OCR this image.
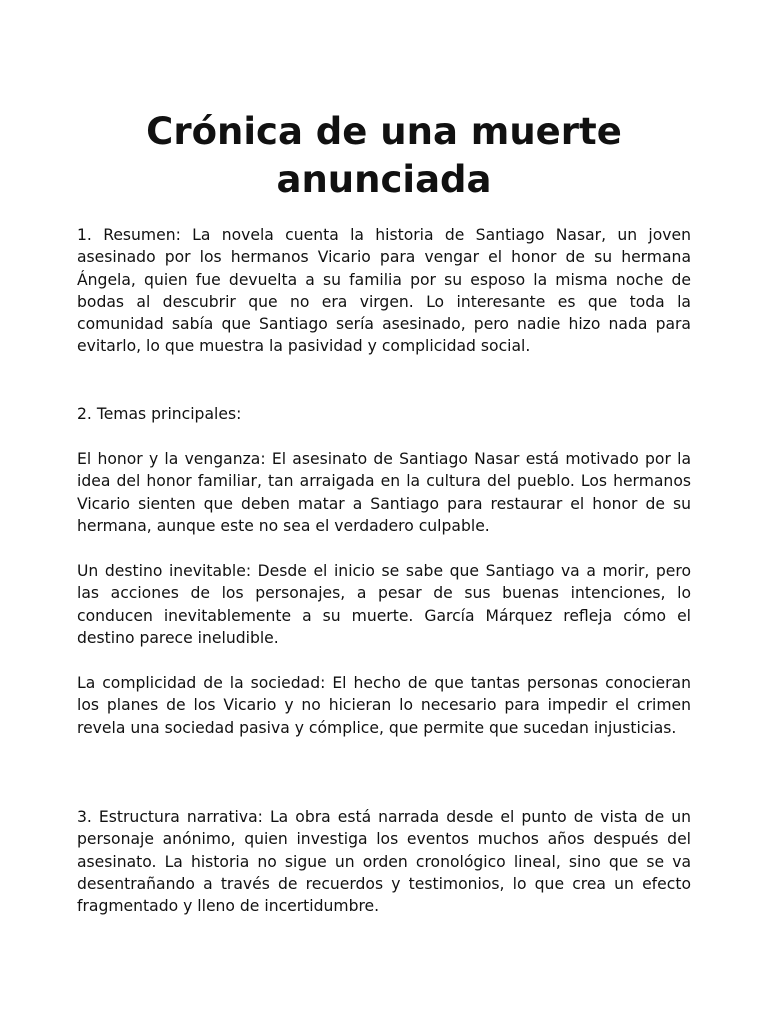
Crónica de una muerte anunciada

1. Resumen: La novela cuenta la historia de Santiago Nasar, un joven asesinado por los hermanos Vicario para vengar el honor de su hermana Ángela, quien fue devuelta a su familia por su esposo la misma noche de bodas al descubrir que no era virgen. Lo interesante es que toda la comunidad sabía que Santiago sería asesinado, pero nadie hizo nada para evitarlo, lo que muestra la pasividad y complicidad social.

2. Temas principales:

El honor y la venganza: El asesinato de Santiago Nasar está motivado por la idea del honor familiar, tan arraigada en la cultura del pueblo. Los hermanos Vicario sienten que deben matar a Santiago para restaurar el honor de su hermana, aunque este no sea el verdadero culpable.

Un destino inevitable: Desde el inicio se sabe que Santiago va a morir, pero las acciones de los personajes, a pesar de sus buenas intenciones, lo conducen inevitablemente a su muerte. García Márquez refleja cómo el destino parece ineludible.

La complicidad de la sociedad: El hecho de que tantas personas conocieran los planes de los Vicario y no hicieran lo necesario para impedir el crimen revela una sociedad pasiva y cómplice, que permite que sucedan injusticias.

3. Estructura narrativa: La obra está narrada desde el punto de vista de un personaje anónimo, quien investiga los eventos muchos años después del asesinato. La historia no sigue un orden cronológico lineal, sino que se va desentrañando a través de recuerdos y testimonios, lo que crea un efecto fragmentado y lleno de incertidumbre.
